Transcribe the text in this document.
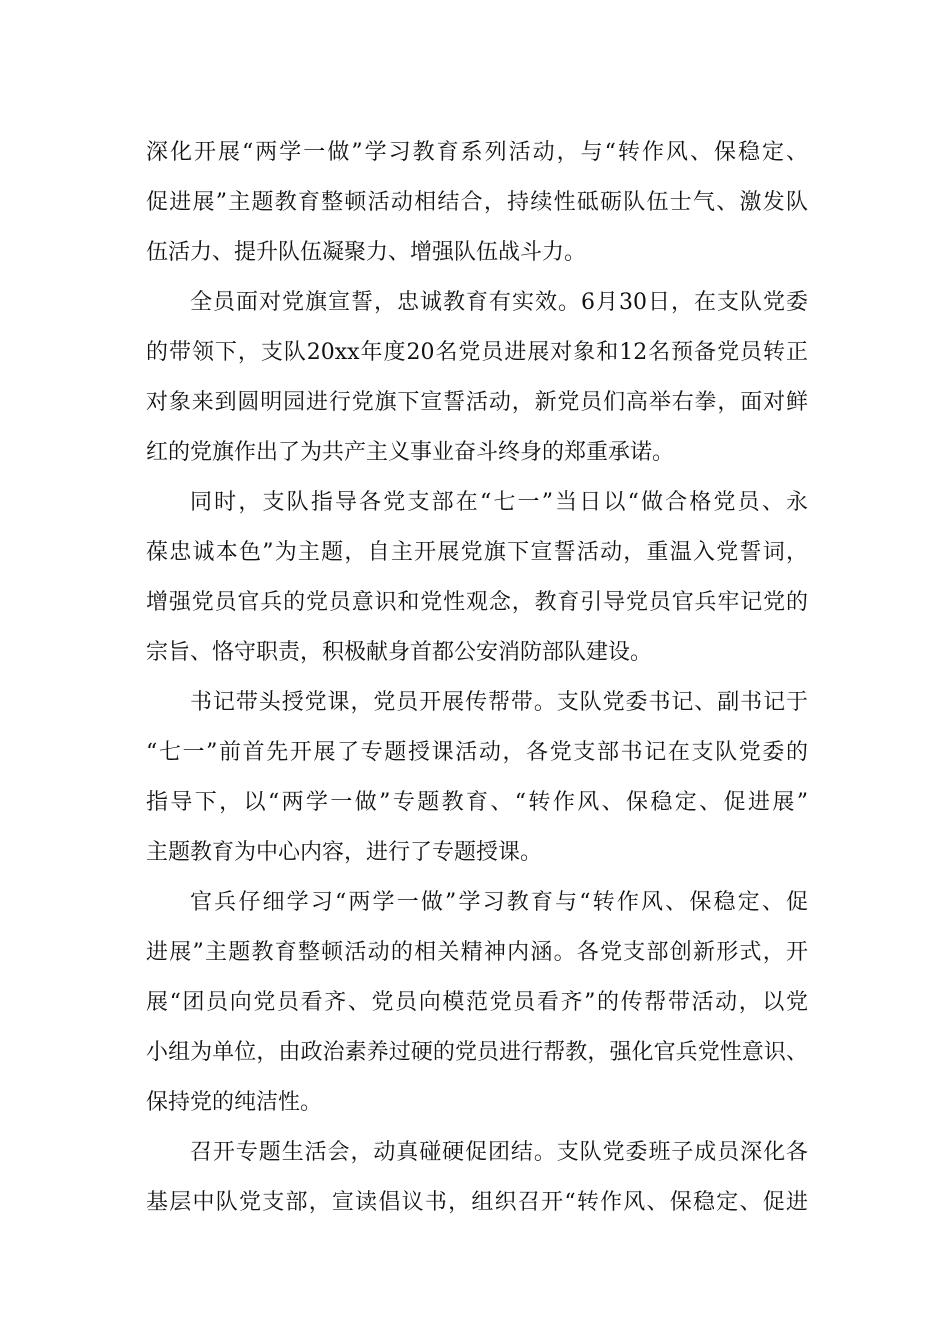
深化开展“两学一做”学习教育系列活动，与“转作风、保稳定、
促进展”主题教育整顿活动相结合，持续性砥砺队伍士气、激发队
伍活力、提升队伍凝聚力、增强队伍战斗力。
全员面对党旗宣誓，忠诚教育有实效。6月30日，在支队党委
的带领下，支队20xx年度20名党员进展对象和12名预备党员转正
对象来到圆明园进行党旗下宣誓活动，新党员们高举右拳，面对鲜
红的党旗作出了为共产主义事业奋斗终身的郑重承诺。
同时，支队指导各党支部在“七一”当日以“做合格党员、永
葆忠诚本色”为主题，自主开展党旗下宣誓活动，重温入党誓词，
增强党员官兵的党员意识和党性观念，教育引导党员官兵牢记党的
宗旨、恪守职责，积极献身首都公安消防部队建设。
书记带头授党课，党员开展传帮带。支队党委书记、副书记于
“七一”前首先开展了专题授课活动，各党支部书记在支队党委的
指导下，以“两学一做”专题教育、“转作风、保稳定、促进展”
主题教育为中心内容，进行了专题授课。
官兵仔细学习“两学一做”学习教育与“转作风、保稳定、促
进展”主题教育整顿活动的相关精神内涵。各党支部创新形式，开
展“团员向党员看齐、党员向模范党员看齐”的传帮带活动，以党
小组为单位，由政治素养过硬的党员进行帮教，强化官兵党性意识、
保持党的纯洁性。
召开专题生活会，动真碰硬促团结。支队党委班子成员深化各
基层中队党支部，宣读倡议书，组织召开“转作风、保稳定、促进
